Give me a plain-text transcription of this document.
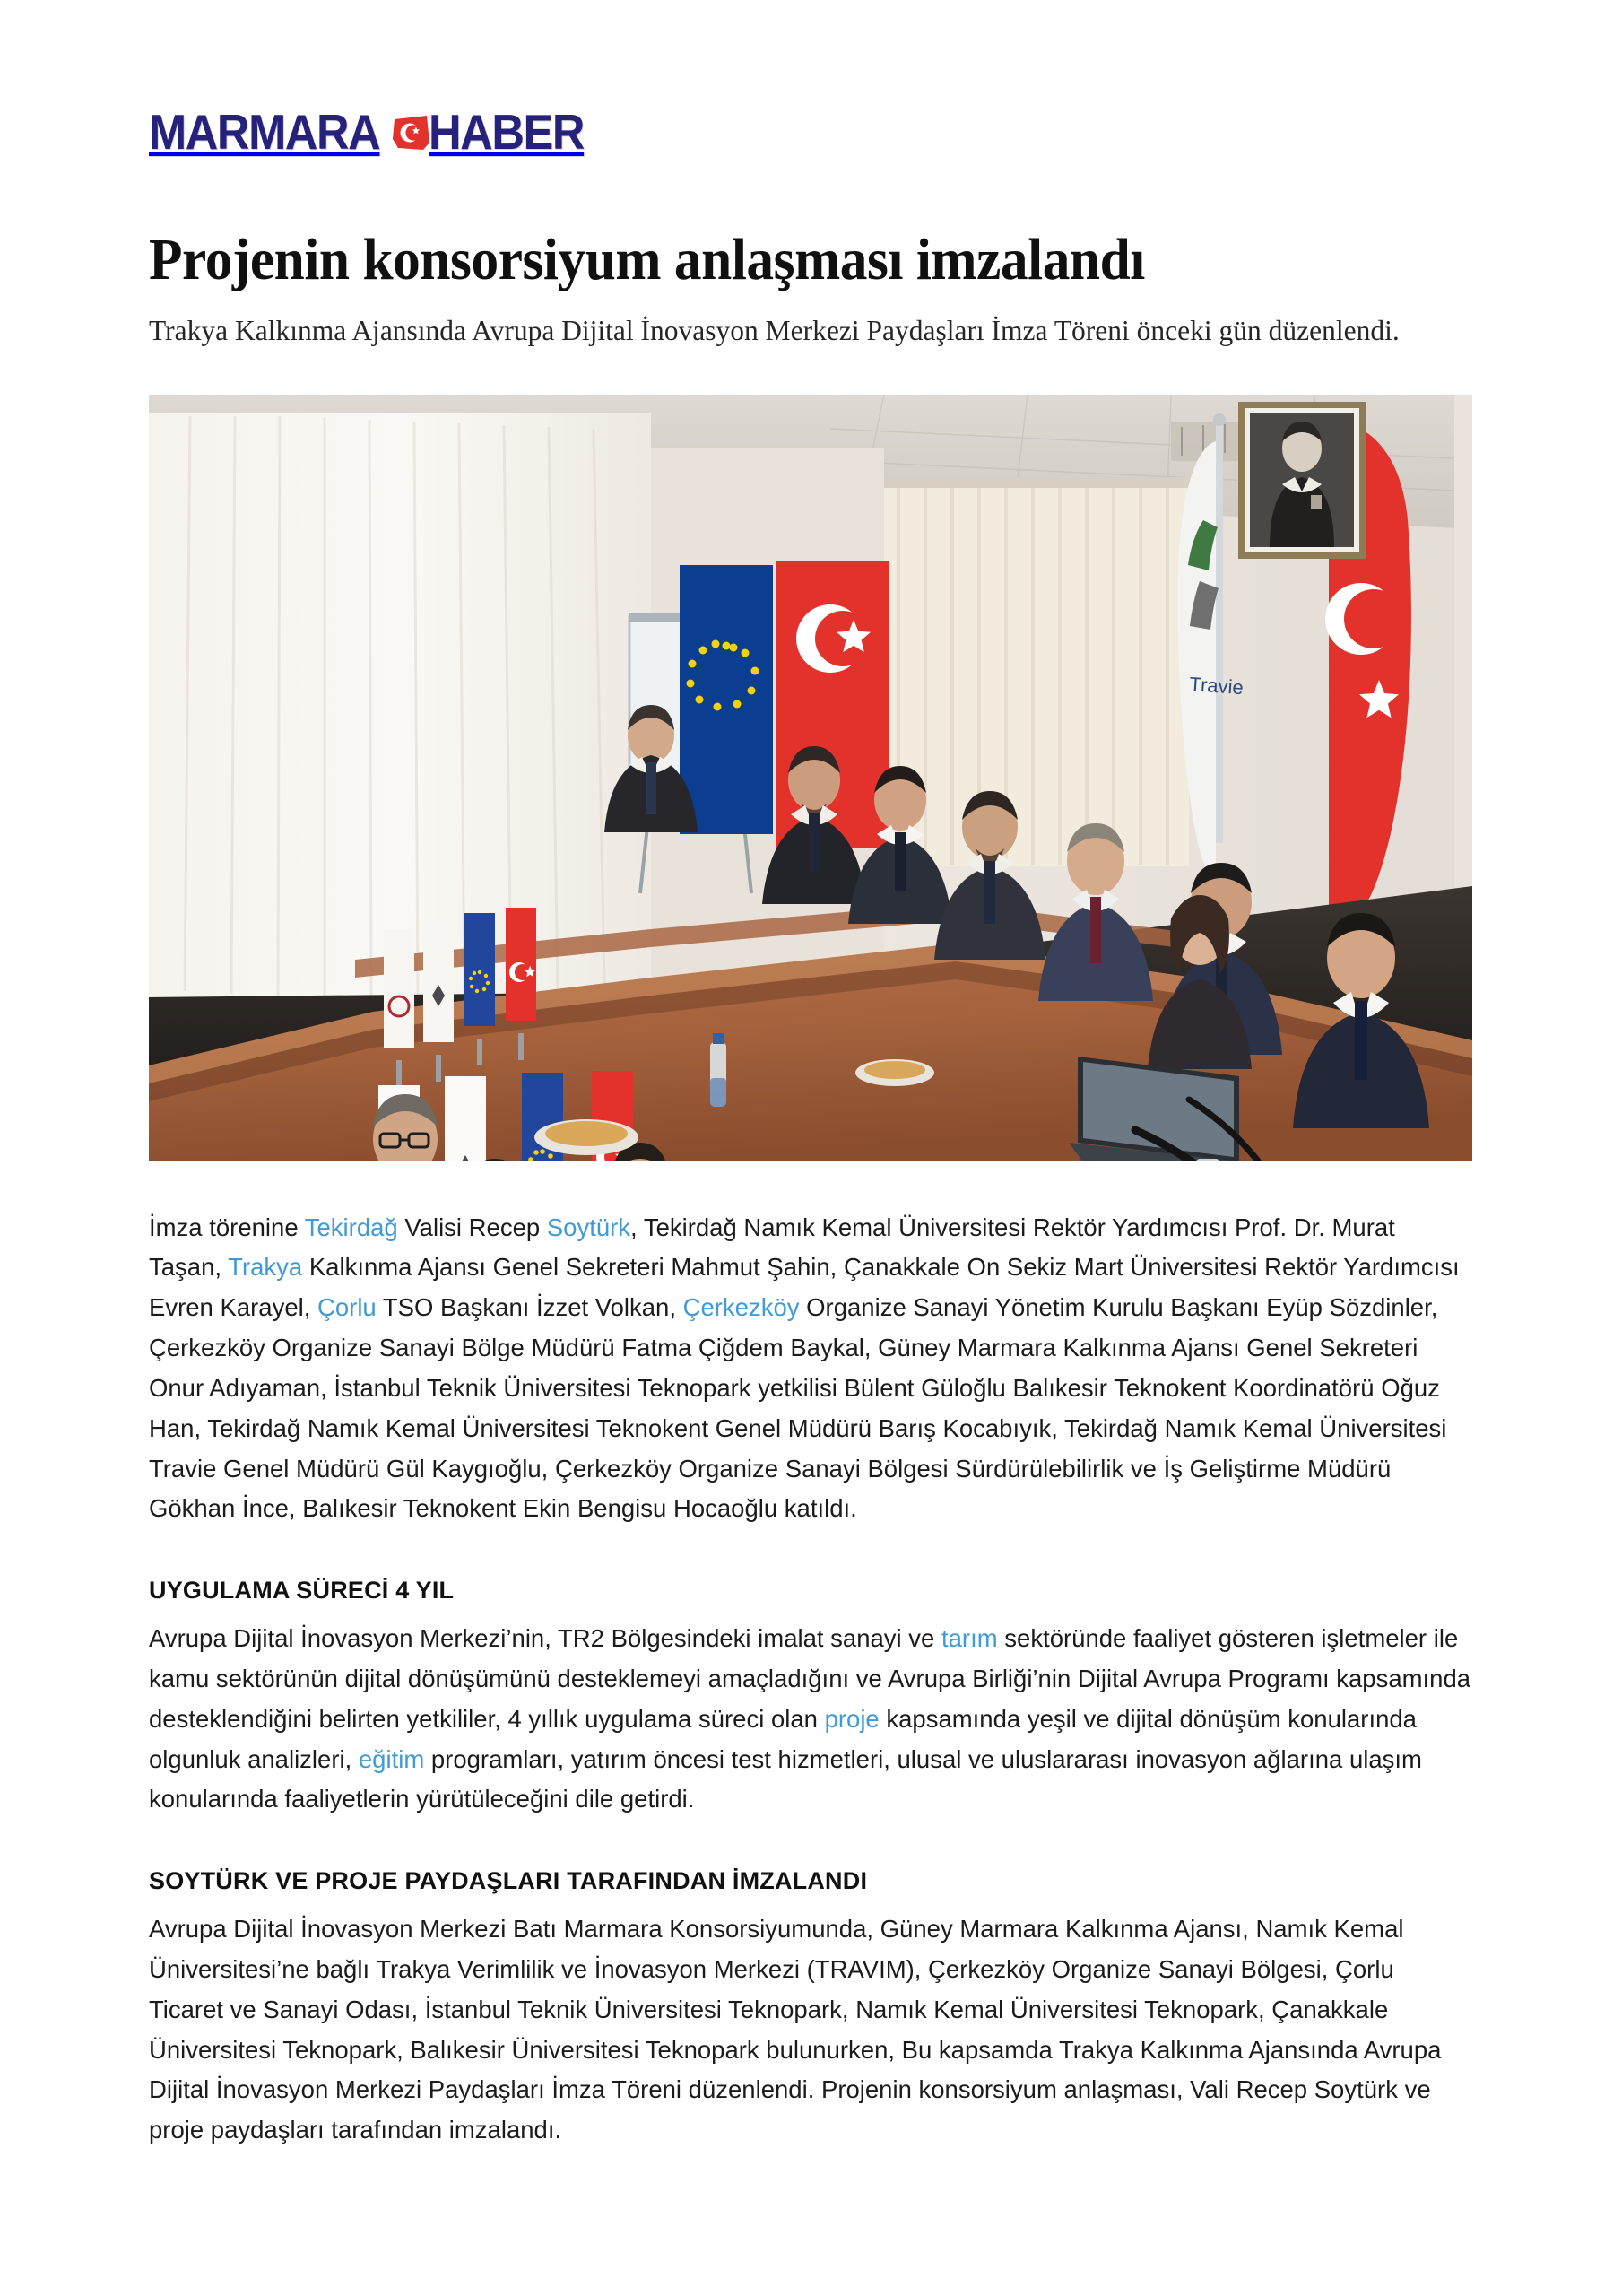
MARMARA HABER
Projenin konsorsiyum anlaşması imzalandı

Trakya Kalkınma Ajansında Avrupa Dijital İnovasyon Merkezi Paydaşları İmza Töreni önceki gün düzenlendi.

Travie

İmza törenine Tekirdağ Valisi Recep Soytürk, Tekirdağ Namık Kemal Üniversitesi Rektör Yardımcısı Prof. Dr. Murat Taşan, Trakya Kalkınma Ajansı Genel Sekreteri Mahmut Şahin, Çanakkale On Sekiz Mart Üniversitesi Rektör Yardımcısı Evren Karayel, Çorlu TSO Başkanı İzzet Volkan, Çerkezköy Organize Sanayi Yönetim Kurulu Başkanı Eyüp Sözdinler, Çerkezköy Organize Sanayi Bölge Müdürü Fatma Çiğdem Baykal, Güney Marmara Kalkınma Ajansı Genel Sekreteri Onur Adıyaman, İstanbul Teknik Üniversitesi Teknopark yetkilisi Bülent Güloğlu Balıkesir Teknokent Koordinatörü Oğuz Han, Tekirdağ Namık Kemal Üniversitesi Teknokent Genel Müdürü Barış Kocabıyık, Tekirdağ Namık Kemal Üniversitesi Travie Genel Müdürü Gül Kaygıoğlu, Çerkezköy Organize Sanayi Bölgesi Sürdürülebilirlik ve İş Geliştirme Müdürü Gökhan İnce, Balıkesir Teknokent Ekin Bengisu Hocaoğlu katıldı.

UYGULAMA SÜRECİ 4 YIL

Avrupa Dijital İnovasyon Merkezi’nin, TR2 Bölgesindeki imalat sanayi ve tarım sektöründe faaliyet gösteren işletmeler ile kamu sektörünün dijital dönüşümünü desteklemeyi amaçladığını ve Avrupa Birliği’nin Dijital Avrupa Programı kapsamında desteklendiğini belirten yetkililer, 4 yıllık uygulama süreci olan proje kapsamında yeşil ve dijital dönüşüm konularında olgunluk analizleri, eğitim programları, yatırım öncesi test hizmetleri, ulusal ve uluslararası inovasyon ağlarına ulaşım konularında faaliyetlerin yürütüleceğini dile getirdi.

SOYTÜRK VE PROJE PAYDAŞLARI TARAFINDAN İMZALANDI

Avrupa Dijital İnovasyon Merkezi Batı Marmara Konsorsiyumunda, Güney Marmara Kalkınma Ajansı, Namık Kemal Üniversitesi’ne bağlı Trakya Verimlilik ve İnovasyon Merkezi (TRAVIM), Çerkezköy Organize Sanayi Bölgesi, Çorlu Ticaret ve Sanayi Odası, İstanbul Teknik Üniversitesi Teknopark, Namık Kemal Üniversitesi Teknopark, Çanakkale Üniversitesi Teknopark, Balıkesir Üniversitesi Teknopark bulunurken, Bu kapsamda Trakya Kalkınma Ajansında Avrupa Dijital İnovasyon Merkezi Paydaşları İmza Töreni düzenlendi. Projenin konsorsiyum anlaşması, Vali Recep Soytürk ve proje paydaşları tarafından imzalandı.
